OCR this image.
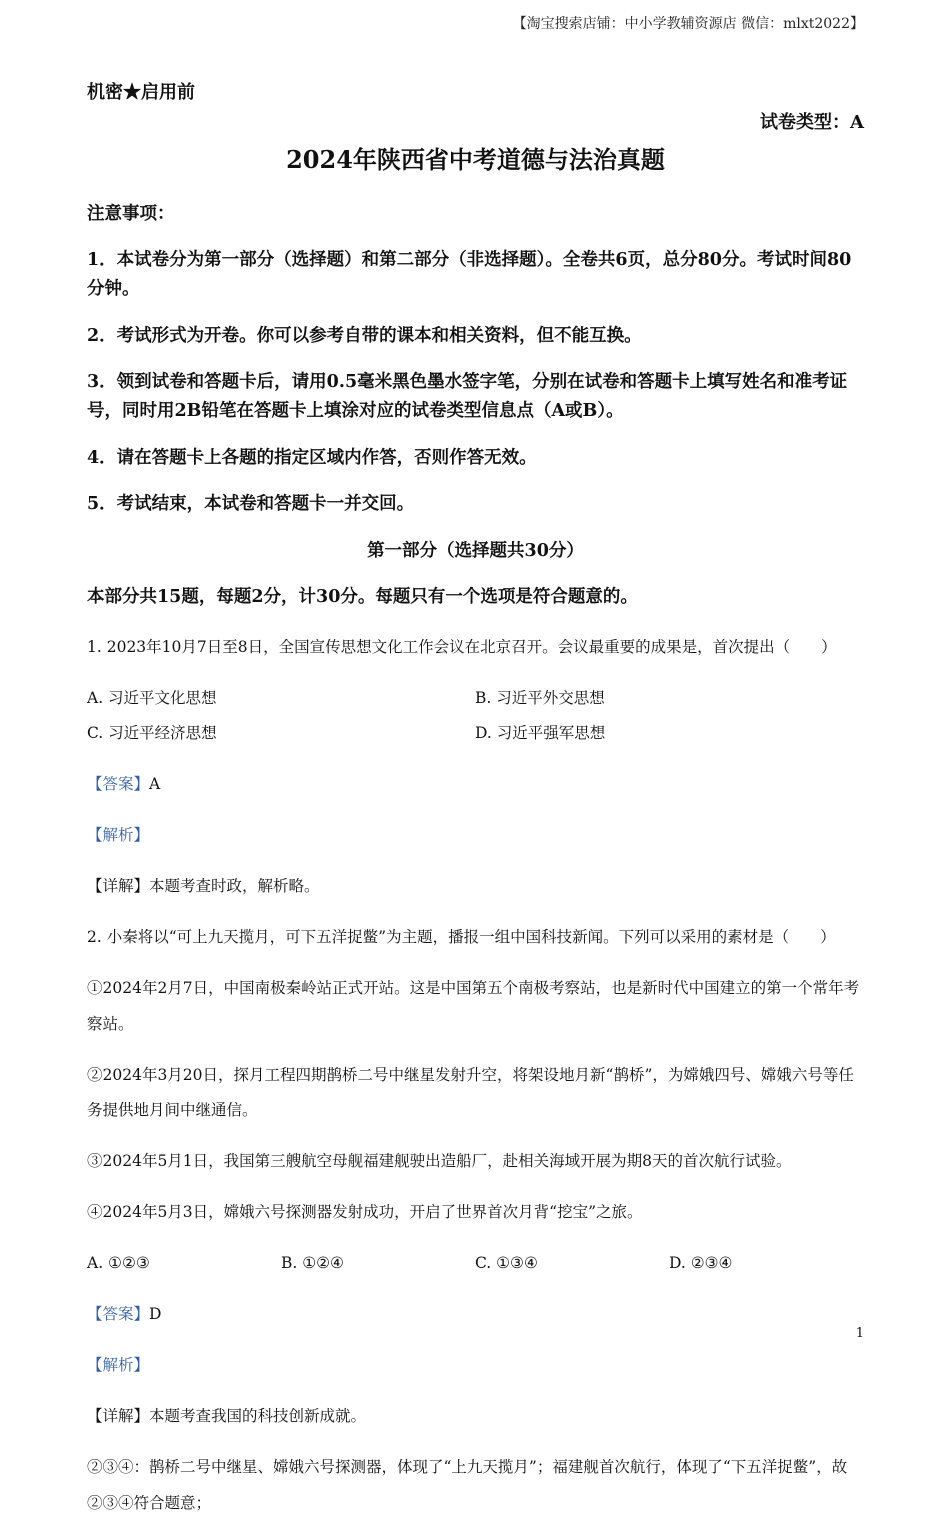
【淘宝搜索店铺：中小学教辅资源店 微信：mlxt2022】

机密★启用前

试卷类型：A

2024年陕西省中考道德与法治真题

注意事项：

1．本试卷分为第一部分（选择题）和第二部分（非选择题）。全卷共6页，总分80分。考试时间80分钟。

2．考试形式为开卷。你可以参考自带的课本和相关资料，但不能互换。

3．领到试卷和答题卡后，请用0.5毫米黑色墨水签字笔，分别在试卷和答题卡上填写姓名和准考证号，同时用2B铅笔在答题卡上填涂对应的试卷类型信息点（A或B）。

4．请在答题卡上各题的指定区域内作答，否则作答无效。

5．考试结束，本试卷和答题卡一并交回。

第一部分（选择题共30分）

本部分共15题，每题2分，计30分。每题只有一个选项是符合题意的。

1. 2023年10月7日至8日，全国宣传思想文化工作会议在北京召开。会议最重要的成果是，首次提出（　　）

A. 习近平文化思想	B. 习近平外交思想
C. 习近平经济思想	D. 习近平强军思想

【答案】A

【解析】

【详解】本题考查时政，解析略。

2. 小秦将以“可上九天揽月，可下五洋捉鳖”为主题，播报一组中国科技新闻。下列可以采用的素材是（　　）

①2024年2月7日，中国南极秦岭站正式开站。这是中国第五个南极考察站，也是新时代中国建立的第一个常年考察站。

②2024年3月20日，探月工程四期鹊桥二号中继星发射升空，将架设地月新“鹊桥”，为嫦娥四号、嫦娥六号等任务提供地月间中继通信。

③2024年5月1日，我国第三艘航空母舰福建舰驶出造船厂，赴相关海域开展为期8天的首次航行试验。

④2024年5月3日，嫦娥六号探测器发射成功，开启了世界首次月背“挖宝”之旅。

A. ①②③	B. ①②④	C. ①③④	D. ②③④

【答案】D

【解析】

【详解】本题考查我国的科技创新成就。

②③④：鹊桥二号中继星、嫦娥六号探测器，体现了“上九天揽月”；福建舰首次航行，体现了“下五洋捉鳖”，故②③④符合题意；

1
